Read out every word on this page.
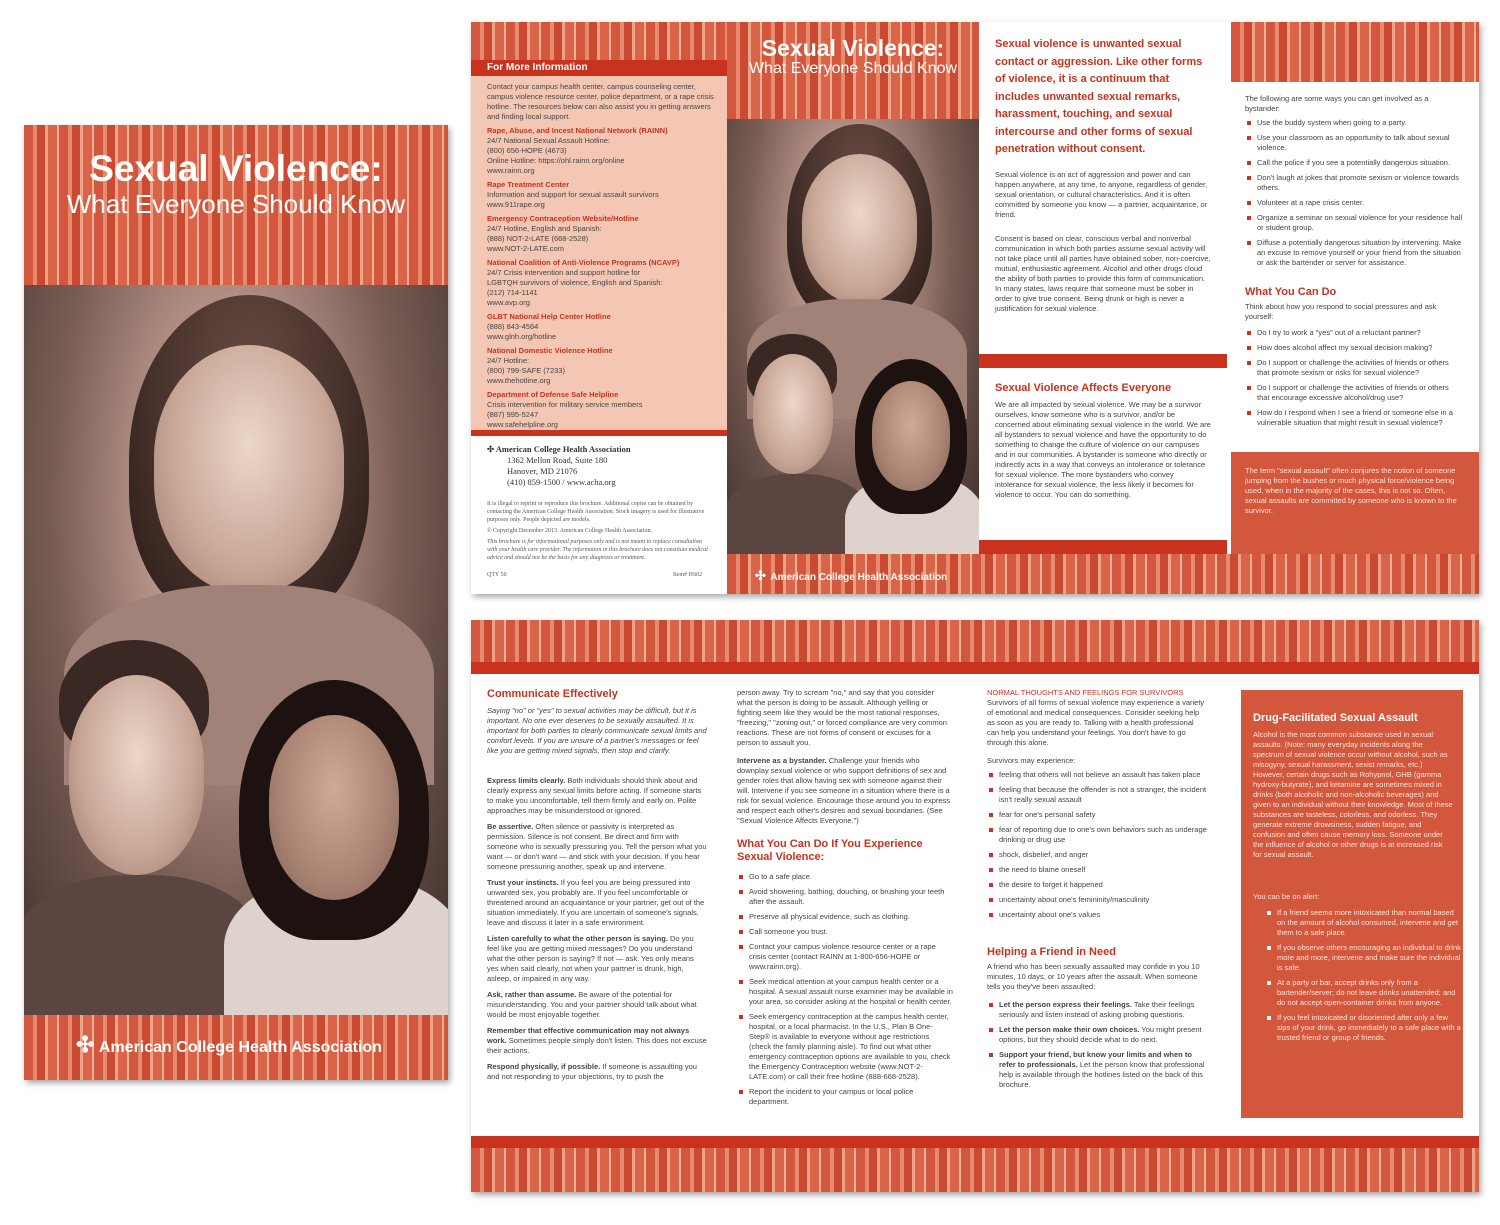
Sexual Violence:
What Everyone Should Know
✣ American College Health Association
For More Information
Contact your campus health center, campus counseling center, campus violence resource center, police department, or a rape crisis hotline. The resources below can also assist you in getting answers and finding local support.
Rape, Abuse, and Incest National Network (RAINN)
24/7 National Sexual Assault Hotline:
(800) 656-HOPE (4673)
Online Hotline: https://ohl.rainn.org/online
www.rainn.org
Rape Treatment Center
Information and support for sexual assault survivors
www.911rape.org
Emergency Contraception Website/Hotline
24/7 Hotline, English and Spanish:
(888) NOT-2-LATE (668-2528)
www.NOT-2-LATE.com
National Coalition of Anti-Violence Programs (NCAVP)
24/7 Crisis intervention and support hotline for
LGBTQH survivors of violence, English and Spanish:
(212) 714-1141
www.avp.org
GLBT National Help Center Hotline
(888) 843-4564
www.glnh.org/hotline
National Domestic Violence Hotline
24/7 Hotline:
(800) 799-SAFE (7233)
www.thehotline.org
Department of Defense Safe Helpline
Crisis intervention for military service members
(887) 995-5247
www.safehelpline.org
✣ American College Health Association
1362 Mellon Road, Suite 180
Hanover, MD 21076
(410) 859-1500 / www.acha.org
It is illegal to reprint or reproduce this brochure. Additional copies can be obtained by contacting the American College Health Association. Stock imagery is used for illustrative purposes only. People depicted are models.
© Copyright December 2013. American College Health Association.
This brochure is for informational purposes only and is not meant to replace consultation with your health care provider. The information in this brochure does not constitute medical advice and should not be the basis for any diagnosis or treatment.
QTY 50	Item# HS02
Sexual Violence:
What Everyone Should Know
✣ American College Health Association
Sexual violence is unwanted sexual contact or aggression. Like other forms of violence, it is a continuum that includes unwanted sexual remarks, harassment, touching, and sexual intercourse and other forms of sexual penetration without consent.
Sexual violence is an act of aggression and power and can happen anywhere, at any time, to anyone, regardless of gender, sexual orientation, or cultural characteristics. And it is often committed by someone you know — a partner, acquaintance, or friend.
Consent is based on clear, conscious verbal and nonverbal communication in which both parties assume sexual activity will not take place until all parties have obtained sober, non-coercive, mutual, enthusiastic agreement. Alcohol and other drugs cloud the ability of both parties to provide this form of communication. In many states, laws require that someone must be sober in order to give true consent. Being drunk or high is never a justification for sexual violence.
Sexual Violence Affects Everyone
We are all impacted by sexual violence. We may be a survivor ourselves, know someone who is a survivor, and/or be concerned about eliminating sexual violence in the world. We are all bystanders to sexual violence and have the opportunity to do something to change the culture of violence on our campuses and in our communities. A bystander is someone who directly or indirectly acts in a way that conveys an intolerance or tolerance for sexual violence. The more bystanders who convey intolerance for sexual violence, the less likely it becomes for violence to occur. You can do something.
The following are some ways you can get involved as a bystander:
Use the buddy system when going to a party.
Use your classroom as an opportunity to talk about sexual violence.
Call the police if you see a potentially dangerous situation.
Don't laugh at jokes that promote sexism or violence towards others.
Volunteer at a rape crisis center.
Organize a seminar on sexual violence for your residence hall or student group.
Diffuse a potentially dangerous situation by intervening. Make an excuse to remove yourself or your friend from the situation or ask the bartender or server for assistance.
What You Can Do
Think about how you respond to social pressures and ask yourself:
Do I try to work a "yes" out of a reluctant partner?
How does alcohol affect my sexual decision making?
Do I support or challenge the activities of friends or others that promote sexism or risks for sexual violence?
Do I support or challenge the activities of friends or others that encourage excessive alcohol/drug use?
How do I respond when I see a friend or someone else in a vulnerable situation that might result in sexual violence?
The term "sexual assault" often conjures the notion of someone jumping from the bushes or much physical force/violence being used, when in the majority of the cases, this is not so. Often, sexual assaults are committed by someone who is known to the survivor.
Communicate Effectively
Saying "no" or "yes" to sexual activities may be difficult, but it is important. No one ever deserves to be sexually assaulted. It is important for both parties to clearly communicate sexual limits and comfort levels. If you are unsure of a partner's messages or feel like you are getting mixed signals, then stop and clarify.
Express limits clearly. Both individuals should think about and clearly express any sexual limits before acting. If someone starts to make you uncomfortable, tell them firmly and early on. Polite approaches may be misunderstood or ignored.
Be assertive. Often silence or passivity is interpreted as permission. Silence is not consent. Be direct and firm with someone who is sexually pressuring you. Tell the person what you want — or don't want — and stick with your decision. If you hear someone pressuring another, speak up and intervene.
Trust your instincts. If you feel you are being pressured into unwanted sex, you probably are. If you feel uncomfortable or threatened around an acquaintance or your partner, get out of the situation immediately. If you are uncertain of someone's signals, leave and discuss it later in a safe environment.
Listen carefully to what the other person is saying. Do you feel like you are getting mixed messages? Do you understand what the other person is saying? If not — ask. Yes only means yes when said clearly, not when your partner is drunk, high, asleep, or impaired in any way.
Ask, rather than assume. Be aware of the potential for misunderstanding. You and your partner should talk about what would be most enjoyable together.
Remember that effective communication may not always work. Sometimes people simply don't listen. This does not excuse their actions.
Respond physically, if possible. If someone is assaulting you and not responding to your objections, try to push the
person away. Try to scream "no," and say that you consider what the person is doing to be assault. Although yelling or fighting seem like they would be the most rational responses, "freezing," "zoning out," or forced compliance are very common reactions. These are not forms of consent or excuses for a person to assault you.
Intervene as a bystander. Challenge your friends who downplay sexual violence or who support definitions of sex and gender roles that allow having sex with someone against their will. Intervene if you see someone in a situation where there is a risk for sexual violence. Encourage those around you to express and respect each other's desires and sexual boundaries. (See "Sexual Violence Affects Everyone.")
What You Can Do If You Experience Sexual Violence:
Go to a safe place.
Avoid showering, bathing, douching, or brushing your teeth after the assault.
Preserve all physical evidence, such as clothing.
Call someone you trust.
Contact your campus violence resource center or a rape crisis center (contact RAINN at 1-800-656-HOPE or www.rainn.org).
Seek medical attention at your campus health center or a hospital. A sexual assault nurse examiner may be available in your area, so consider asking at the hospital or health center.
Seek emergency contraception at the campus health center, hospital, or a local pharmacist. In the U.S., Plan B One-Step® is available to everyone without age restrictions (check the family planning aisle). To find out what other emergency contraception options are available to you, check the Emergency Contraception website (www.NOT-2-LATE.com) or call their free hotline (888-668-2528).
Report the incident to your campus or local police department.
NORMAL THOUGHTS AND FEELINGS FOR SURVIVORS
Survivors of all forms of sexual violence may experience a variety of emotional and medical consequences. Consider seeking help as soon as you are ready to. Talking with a health professional can help you understand your feelings. You don't have to go through this alone.
Survivors may experience:
feeling that others will not believe an assault has taken place
feeling that because the offender is not a stranger, the incident isn't really sexual assault
fear for one's personal safety
fear of reporting due to one's own behaviors such as underage drinking or drug use
shock, disbelief, and anger
the need to blame oneself
the desire to forget it happened
uncertainty about one's femininity/masculinity
uncertainty about one's values
Helping a Friend in Need
A friend who has been sexually assaulted may confide in you 10 minutes, 10 days, or 10 years after the assault. When someone tells you they've been assaulted:
Let the person express their feelings. Take their feelings seriously and listen instead of asking probing questions.
Let the person make their own choices. You might present options, but they should decide what to do next.
Support your friend, but know your limits and when to refer to professionals. Let the person know that professional help is available through the hotlines listed on the back of this brochure.
Drug-Facilitated Sexual Assault
Alcohol is the most common substance used in sexual assaults. (Note: many everyday incidents along the spectrum of sexual violence occur without alcohol, such as misogyny, sexual harassment, sexist remarks, etc.) However, certain drugs such as Rohypnol, GHB (gamma hydroxy-butyrate), and ketamine are sometimes mixed in drinks (both alcoholic and non-alcoholic beverages) and given to an individual without their knowledge. Most of these substances are tasteless, colorless, and odorless. They generate extreme drowsiness, sudden fatigue, and confusion and often cause memory loss. Someone under the influence of alcohol or other drugs is at increased risk for sexual assault.
You can be on alert:
If a friend seems more intoxicated than normal based on the amount of alcohol consumed, intervene and get them to a safe place.
If you observe others encouraging an individual to drink more and more, intervene and make sure the individual is safe.
At a party or bar, accept drinks only from a bartender/server; do not leave drinks unattended; and do not accept open-container drinks from anyone.
If you feel intoxicated or disoriented after only a few sips of your drink, go immediately to a safe place with a trusted friend or group of friends.
